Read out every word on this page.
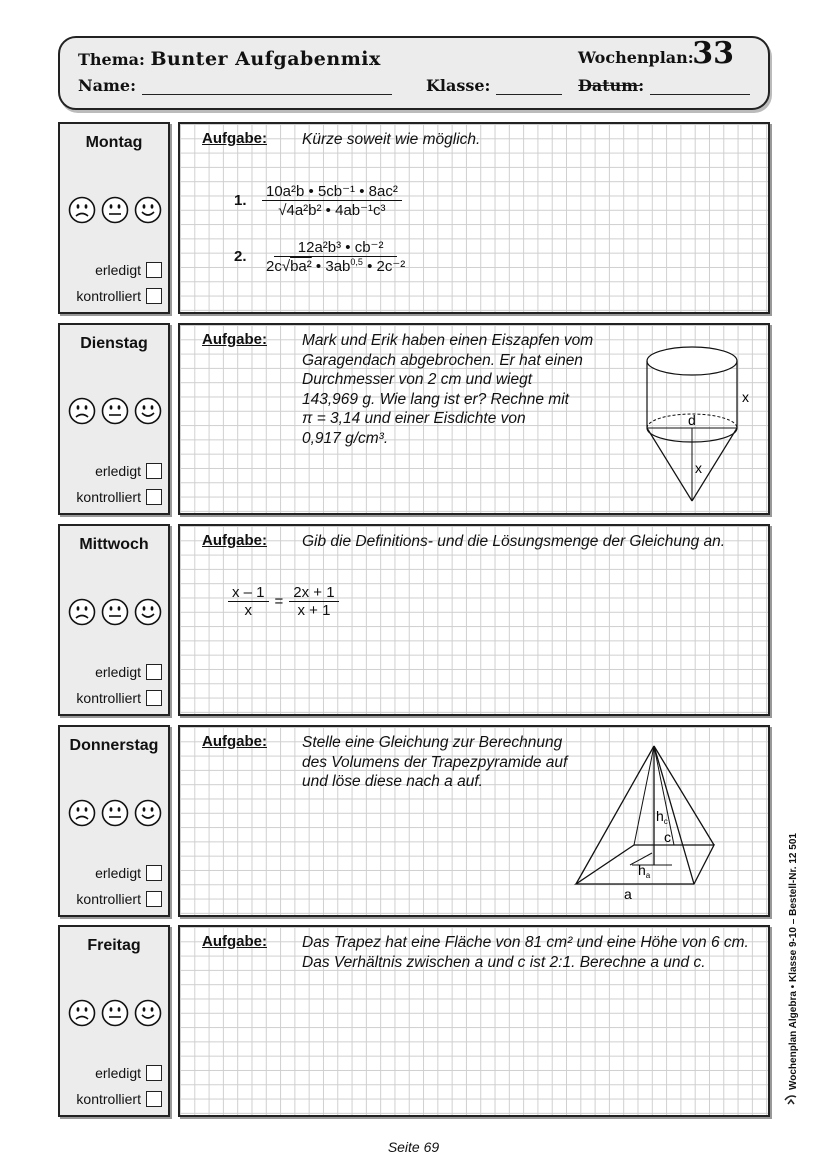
Thema: Bunter Aufgabenmix	Wochenplan:
33
Name:	Klasse:	Datum:
Montag
erledigt
kontrolliert
Dienstag
erledigt
kontrolliert
Mittwoch
erledigt
kontrolliert
Donnerstag
erledigt
kontrolliert
Freitag
erledigt
kontrolliert
Aufgabe: Kürze soweit wie möglich.
1. $\frac{\text{10a²b • 5cb⁻¹ • 8ac²}}{\text{√4a²b² • 4ab⁻¹c³}}$
2. $\frac{\text{12a²b³ • cb⁻²}}{2c√ba^2 • 3ab^{0,5} • 2c^{-2}}$
Aufgabe: Mark und Erik haben einen Eiszapfen vom
Garagendach abgebrochen. Er hat einen
Durchmesser von 2 cm und wiegt
143,969 g. Wie lang ist er? Rechne mit
π = 3,14 und einer Eisdichte von
0,917 g/cm³.
x
d
x
Aufgabe: Gib die Definitions- und die Lösungsmenge der Gleichung an.
$\frac{x - 1}{x} = \frac{2x + 1}{x + 1}$
Aufgabe: Stelle eine Gleichung zur Berechnung
des Volumens der Trapezpyramide auf
und löse diese nach a auf.
$h_c$
c
$h_a$
a
Aufgabe: Das Trapez hat eine Fläche von 81 cm² und eine Höhe von 6 cm.
Das Verhältnis zwischen a und c ist 2:1. Berechne a und c.	Wochenplan Algebra • Klasse 9-10 – Bestell-Nr. 12 501
Seite 69
